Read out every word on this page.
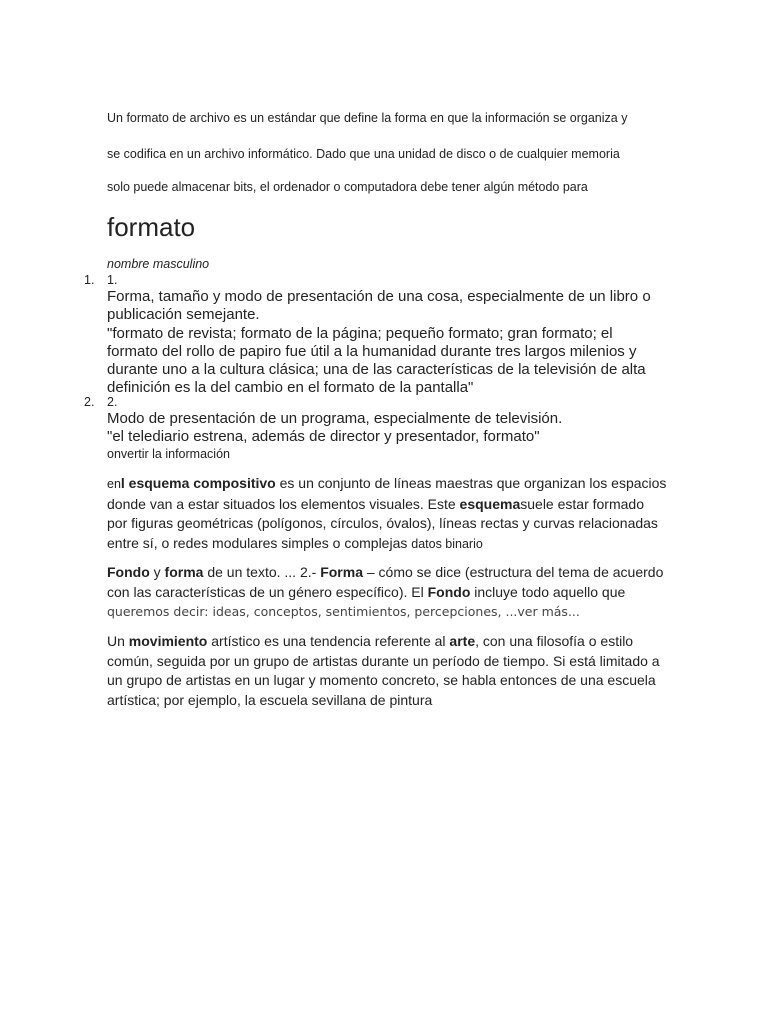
Un formato de archivo es un estándar que define la forma en que la información se organiza y
se codifica en un archivo informático. Dado que una unidad de disco o de cualquier memoria
solo puede almacenar bits, el ordenador o computadora debe tener algún método para
formato
nombre masculino
1. 1.
Forma, tamaño y modo de presentación de una cosa, especialmente de un libro o publicación semejante.
"formato de revista; formato de la página; pequeño formato; gran formato; el formato del rollo de papiro fue útil a la humanidad durante tres largos milenios y durante uno a la cultura clásica; una de las características de la televisión de alta definición es la del cambio en el formato de la pantalla"
2. 2.
Modo de presentación de un programa, especialmente de televisión.
"el telediario estrena, además de director y presentador, formato"
onvertir la información
enl esquema compositivo es un conjunto de líneas maestras que organizan los espacios donde van a estar situados los elementos visuales. Este esquemasuele estar formado por figuras geométricas (polígonos, círculos, óvalos), líneas rectas y curvas relacionadas entre sí, o redes modulares simples o complejas datos binario
Fondo y forma de un texto. ... 2.- Forma – cómo se dice (estructura del tema de acuerdo con las características de un género específico). El Fondo incluye todo aquello que queremos decir: ideas, conceptos, sentimientos, percepciones, ...ver más...
Un movimiento artístico es una tendencia referente al arte, con una filosofía o estilo común, seguida por un grupo de artistas durante un período de tiempo. Si está limitado a un grupo de artistas en un lugar y momento concreto, se habla entonces de una escuela artística; por ejemplo, la escuela sevillana de pintura
